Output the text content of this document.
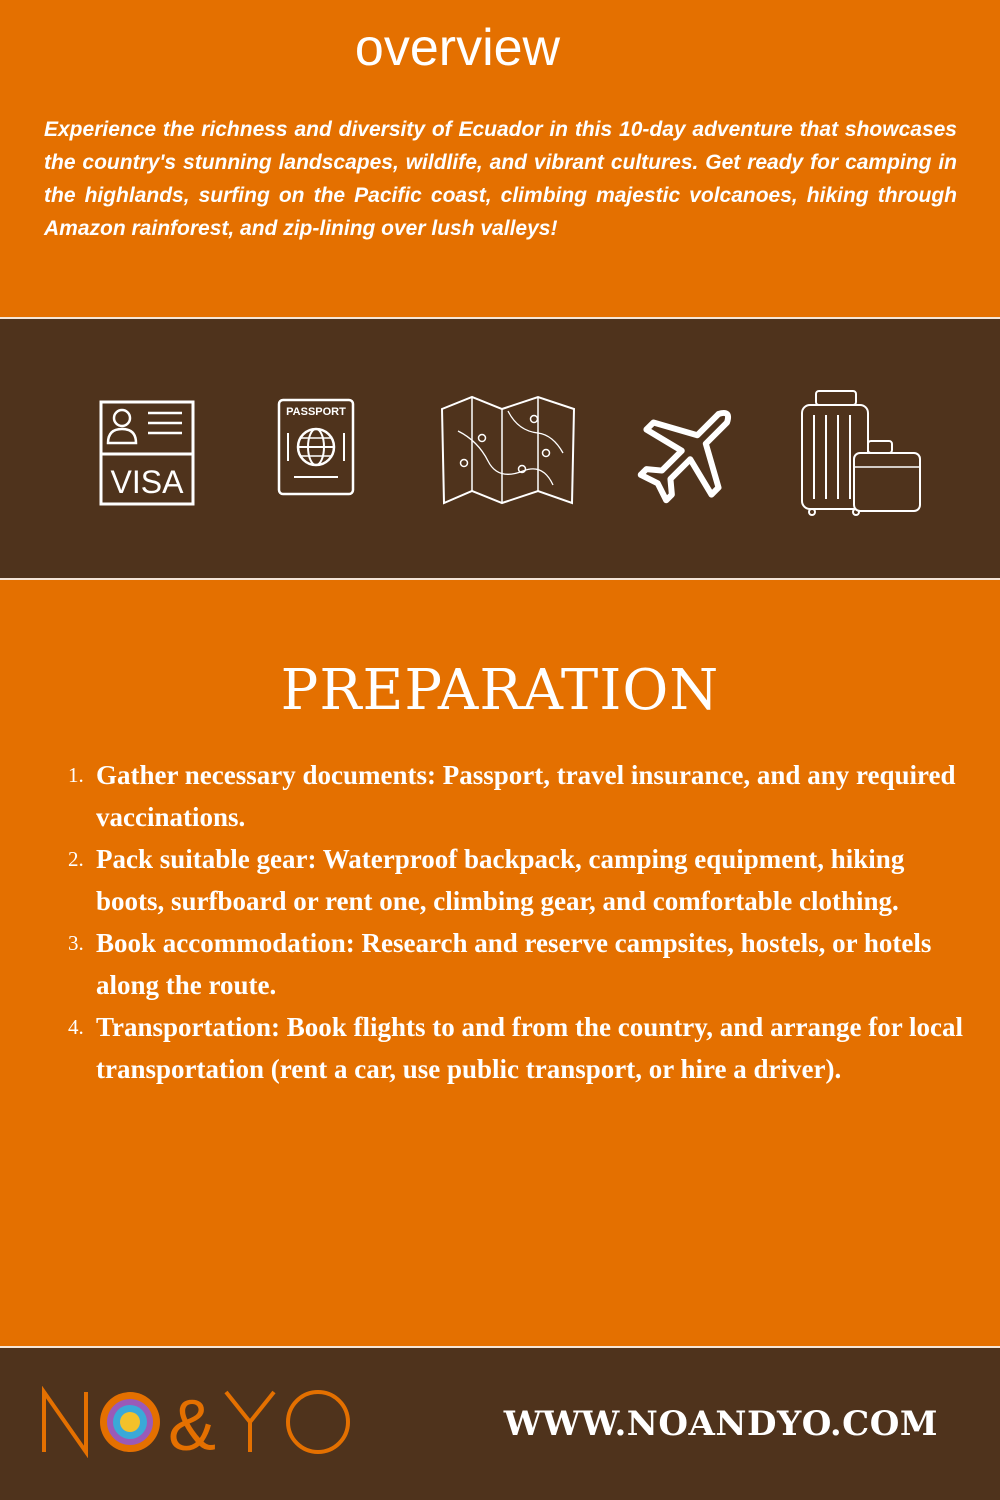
overview
Experience the richness and diversity of Ecuador in this 10-day adventure that showcases the country's stunning landscapes, wildlife, and vibrant cultures. Get ready for camping in the highlands, surfing on the Pacific coast, climbing majestic volcanoes, hiking through Amazon rainforest, and zip-lining over lush valleys!
VISA
PASSPORT
PREPARATION
1. Gather necessary documents: Passport, travel insurance, and any required vaccinations.
2. Pack suitable gear: Waterproof backpack, camping equipment, hiking boots, surfboard or rent one, climbing gear, and comfortable clothing.
3. Book accommodation: Research and reserve campsites, hostels, or hotels along the route.
4. Transportation: Book flights to and from the country, and arrange for local transportation (rent a car, use public transport, or hire a driver).
&	WWW.NOANDYO.COM
